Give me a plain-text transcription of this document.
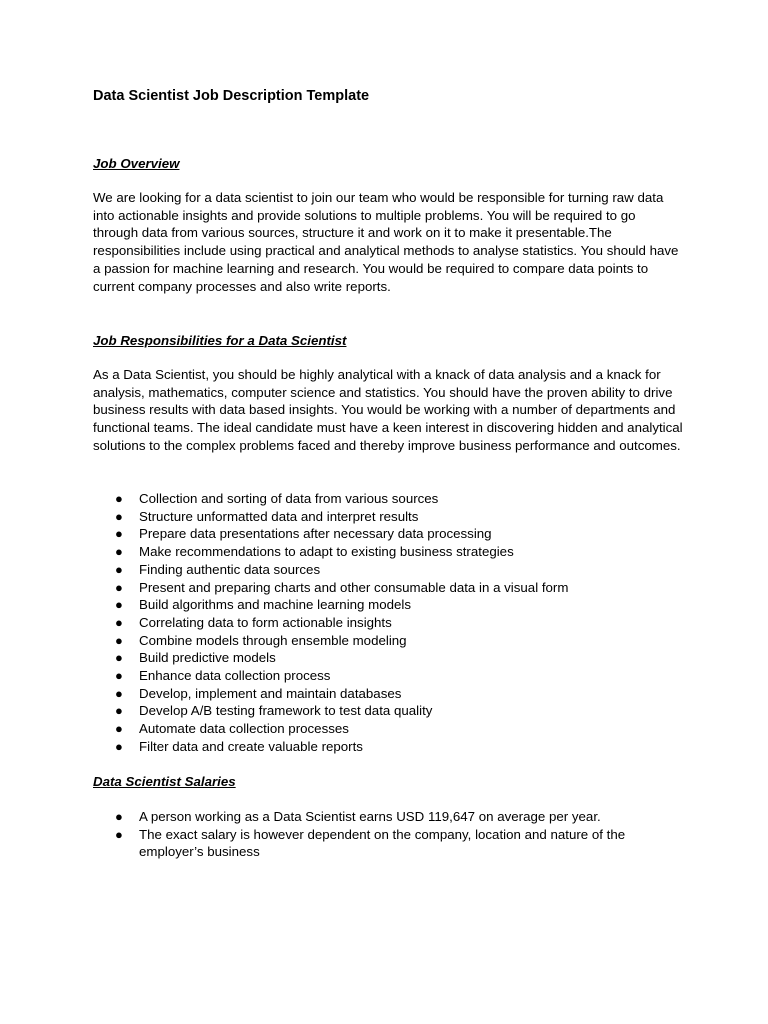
Data Scientist Job Description Template
Job Overview

We are looking for a data scientist to join our team who would be responsible for turning raw data into actionable insights and provide solutions to multiple problems. You will be required to go through data from various sources, structure it and work on it to make it presentable.The responsibilities include using practical and analytical methods to analyse statistics. You should have a passion for machine learning and research. You would be required to compare data points to current company processes and also write reports.

Job Responsibilities for a Data Scientist

As a Data Scientist, you should be highly analytical with a knack of data analysis and a knack for analysis, mathematics, computer science and statistics. You should have the proven ability to drive business results with data based insights. You would be working with a number of departments and functional teams. The ideal candidate must have a keen interest in discovering hidden and analytical solutions to the complex problems faced and thereby improve business performance and outcomes.

● Collection and sorting of data from various sources
● Structure unformatted data and interpret results
● Prepare data presentations after necessary data processing
● Make recommendations to adapt to existing business strategies
● Finding authentic data sources
● Present and preparing charts and other consumable data in a visual form
● Build algorithms and machine learning models
● Correlating data to form actionable insights
● Combine models through ensemble modeling
● Build predictive models
● Enhance data collection process
● Develop, implement and maintain databases
● Develop A/B testing framework to test data quality
● Automate data collection processes
● Filter data and create valuable reports
Data Scientist Salaries
● A person working as a Data Scientist earns USD 119,647 on average per year.
● The exact salary is however dependent on the company, location and nature of the employer’s business
